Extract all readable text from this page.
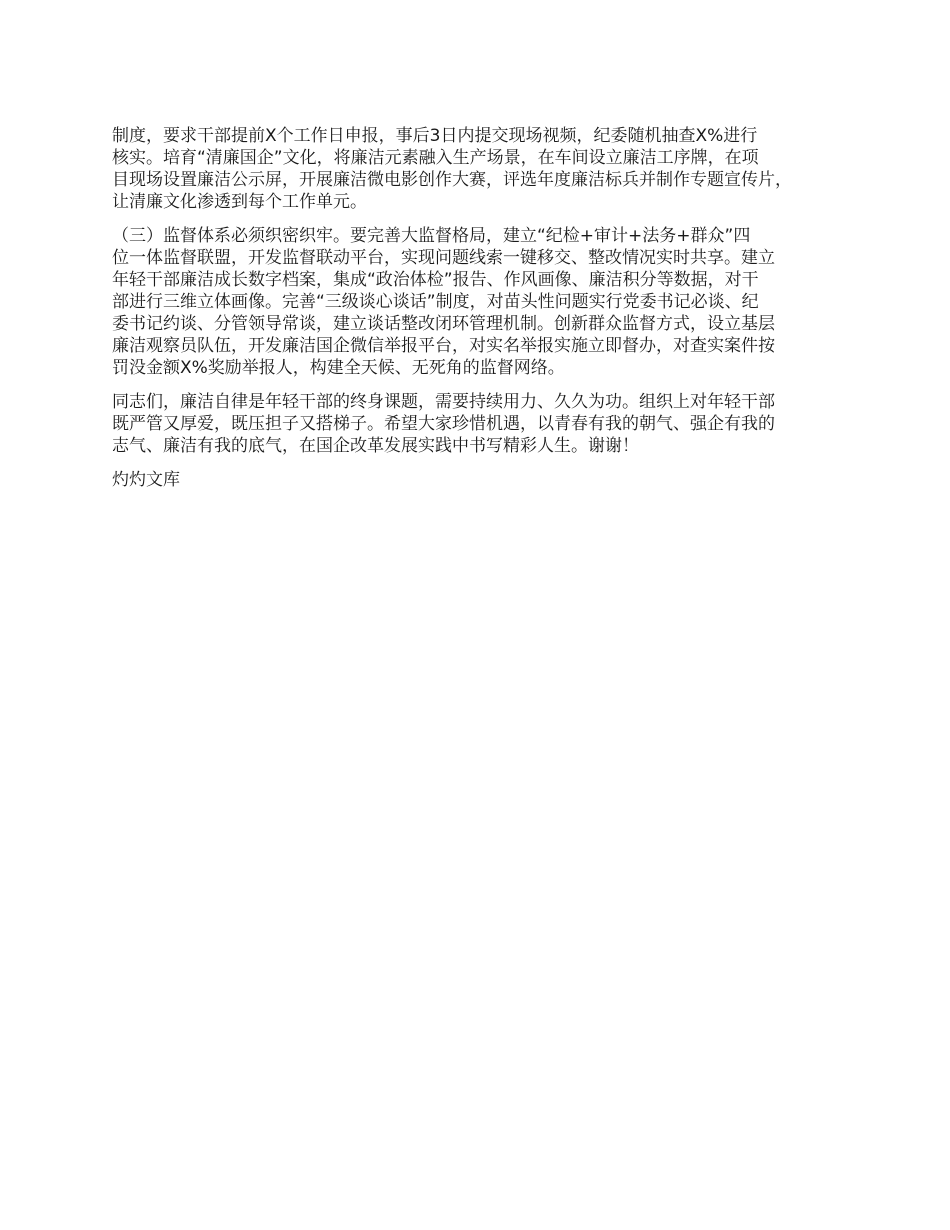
制度，要求干部提前X个工作日申报，事后3日内提交现场视频，纪委随机抽查X%进行
核实。培育“清廉国企”文化，将廉洁元素融入生产场景，在车间设立廉洁工序牌，在项
目现场设置廉洁公示屏，开展廉洁微电影创作大赛，评选年度廉洁标兵并制作专题宣传片，
让清廉文化渗透到每个工作单元。

（三）监督体系必须织密织牢。要完善大监督格局，建立“纪检+审计+法务+群众”四
位一体监督联盟，开发监督联动平台，实现问题线索一键移交、整改情况实时共享。建立
年轻干部廉洁成长数字档案，集成“政治体检”报告、作风画像、廉洁积分等数据，对干
部进行三维立体画像。完善“三级谈心谈话”制度，对苗头性问题实行党委书记必谈、纪
委书记约谈、分管领导常谈，建立谈话整改闭环管理机制。创新群众监督方式，设立基层
廉洁观察员队伍，开发廉洁国企微信举报平台，对实名举报实施立即督办，对查实案件按
罚没金额X%奖励举报人，构建全天候、无死角的监督网络。

同志们，廉洁自律是年轻干部的终身课题，需要持续用力、久久为功。组织上对年轻干部
既严管又厚爱，既压担子又搭梯子。希望大家珍惜机遇，以青春有我的朝气、强企有我的
志气、廉洁有我的底气，在国企改革发展实践中书写精彩人生。谢谢！

灼灼文库
